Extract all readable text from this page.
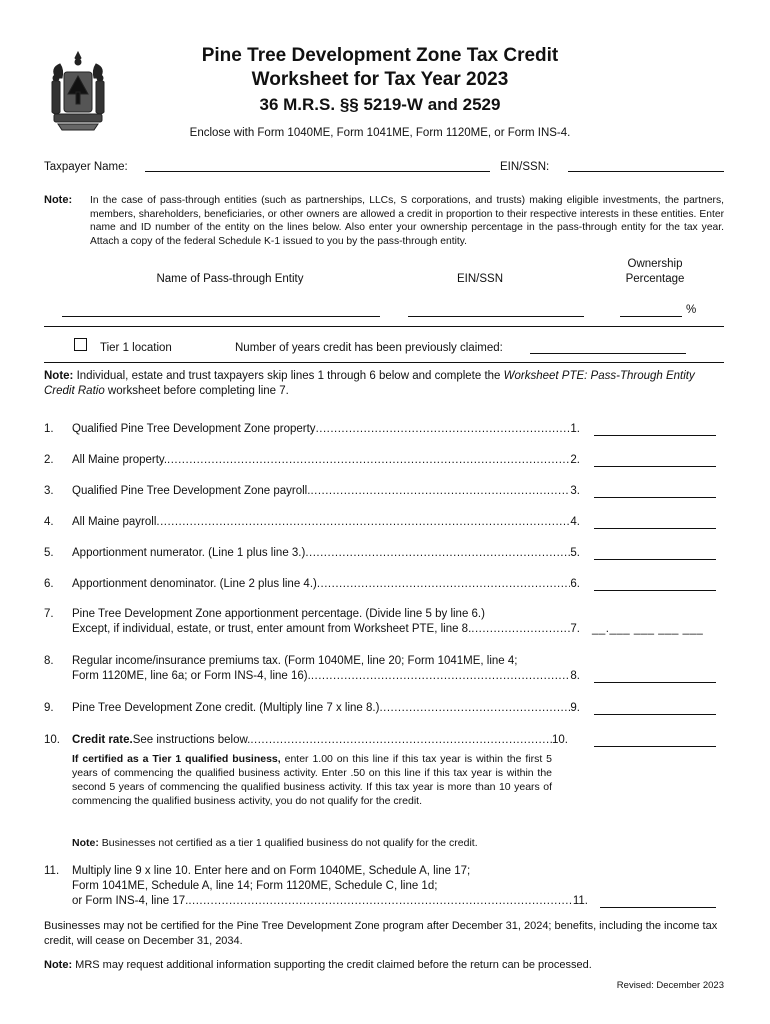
Pine Tree Development Zone Tax Credit
Worksheet for Tax Year 2023
36 M.R.S. §§ 5219-W and 2529
Enclose with Form 1040ME, Form 1041ME, Form 1120ME, or Form INS-4.
Taxpayer Name:	EIN/SSN:
Note: In the case of pass-through entities (such as partnerships, LLCs, S corporations, and trusts) making eligible investments, the partners, members, shareholders, beneficiaries, or other owners are allowed a credit in proportion to their respective interests in these entities. Enter name and ID number of the entity on the lines below. Also enter your ownership percentage in the pass-through entity for the tax year. Attach a copy of the federal Schedule K-1 issued to you by the pass-through entity.
Name of Pass-through Entity	EIN/SSN
Ownership
Percentage
%
Tier 1 location	Number of years credit has been previously claimed:
Note: Individual, estate and trust taxpayers skip lines 1 through 6 below and complete the Worksheet PTE: Pass-Through Entity Credit Ratio worksheet before completing line 7.
1. Qualified Pine Tree Development Zone property .....	1.
2. All Maine property. .....	2.
3. Qualified Pine Tree Development Zone payroll. .....	3.
4. All Maine payroll .....	4.
5. Apportionment numerator. (Line 1 plus line 3.) .....	5.
6. Apportionment denominator. (Line 2 plus line 4.) .....	6.
7. Pine Tree Development Zone apportionment percentage. (Divide line 5 by line 6.)
Except, if individual, estate, or trust, enter amount from Worksheet PTE, line 8. .....	7. __.___ ___ ___ ___
8. Regular income/insurance premiums tax. (Form 1040ME, line 20; Form 1041ME, line 4;
Form 1120ME, line 6a; or Form INS-4, line 16). .....	8.
9. Pine Tree Development Zone credit. (Multiply line 7 x line 8.) .....	9.
10. Credit rate. See instructions below. .....	10.
If certified as a Tier 1 qualified business, enter 1.00 on this line if this tax year is within the first 5 years of commencing the qualified business activity. Enter .50 on this line if this tax year is within the second 5 years of commencing the qualified business activity. If this tax year is more than 10 years of commencing the qualified business activity, you do not qualify for the credit.
Note: Businesses not certified as a tier 1 qualified business do not qualify for the credit.
11. Multiply line 9 x line 10. Enter here and on Form 1040ME, Schedule A, line 17;
Form 1041ME, Schedule A, line 14; Form 1120ME, Schedule C, line 1d;
or Form INS-4, line 17. .....	11.
Businesses may not be certified for the Pine Tree Development Zone program after December 31, 2024; benefits, including the income tax credit, will cease on December 31, 2034.
Note: MRS may request additional information supporting the credit claimed before the return can be processed.
Revised: December 2023
